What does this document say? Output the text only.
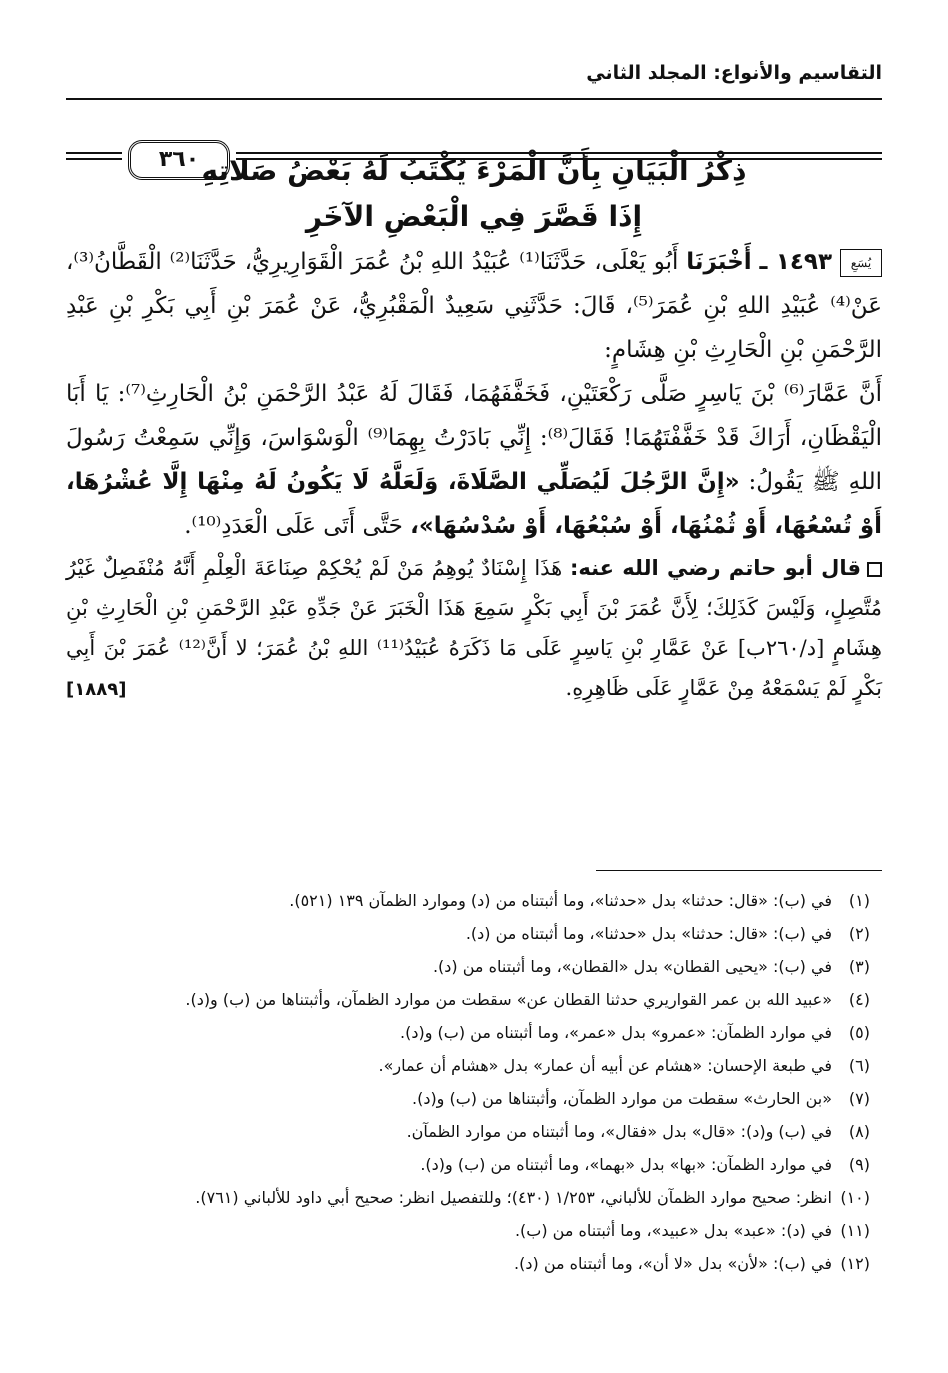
التقاسيم والأنواع: المجلد الثاني
٣٦٠ ذِكْرُ الْبَيَانِ بِأَنَّ الْمَرْءَ يُكْتَبُ لَهُ بَعْضُ صَلاتِهِ
إِذَا قَصَّرَ فِي الْبَعْضِ الآخَرِ

يُسَعِ١٤٩٣ ـ أَخْبَرَنَا أَبُو يَعْلَى، حَدَّثَنَا⁽¹⁾ عُبَيْدُ اللهِ بْنُ عُمَرَ الْقَوَارِيرِيُّ، حَدَّثَنَا⁽²⁾ الْقَطَّانُ⁽³⁾، عَنْ⁽⁴⁾ عُبَيْدِ اللهِ بْنِ عُمَرَ⁽⁵⁾، قَالَ: حَدَّثَنِي سَعِيدٌ الْمَقْبُرِيُّ، عَنْ عُمَرَ بْنِ أَبِي بَكْرِ بْنِ عَبْدِ الرَّحْمَنِ بْنِ الْحَارِثِ بْنِ هِشَامٍ:

أَنَّ عَمَّارَ⁽⁶⁾ بْنَ يَاسِرٍ صَلَّى رَكْعَتَيْنِ، فَخَفَّفَهُمَا، فَقَالَ لَهُ عَبْدُ الرَّحْمَنِ بْنُ الْحَارِثِ⁽⁷⁾: يَا أَبَا الْيَقْظَانِ، أَرَاكَ قَدْ خَفَّفْتَهُمَا! فَقَالَ⁽⁸⁾: إِنِّي بَادَرْتُ بِهِمَا⁽⁹⁾ الْوَسْوَاسَ، وَإِنِّي سَمِعْتُ رَسُولَ اللهِ ﷺ يَقُولُ: «إِنَّ الرَّجُلَ لَيُصَلِّي الصَّلَاةَ، وَلَعَلَّهُ لَا يَكُونُ لَهُ مِنْهَا إِلَّا عُشْرُهَا، أَوْ تُسْعُهَا، أَوْ ثُمْنُهَا، أَوْ سُبْعُهَا، أَوْ سُدْسُهَا»، حَتَّى أَتَى عَلَى الْعَدَدِ⁽¹⁰⁾.

قال أبو حاتم رضي الله عنه: هَذَا إِسْنَادٌ يُوهِمُ مَنْ لَمْ يُحْكِمْ صِنَاعَةَ الْعِلْمِ أَنَّهُ مُنْفَصِلٌ غَيْرُ مُتَّصِلٍ، وَلَيْسَ كَذَلِكَ؛ لِأَنَّ عُمَرَ بْنَ أَبِي بَكْرٍ سَمِعَ هَذَا الْخَبَرَ عَنْ جَدِّهِ عَبْدِ الرَّحْمَنِ بْنِ الْحَارِثِ بْنِ هِشَامٍ [د/٢٦٠ب] عَنْ عَمَّارِ بْنِ يَاسِرٍ عَلَى مَا ذَكَرَهُ عُبَيْدُ⁽¹¹⁾ اللهِ بْنُ عُمَرَ؛ لا أَنَّ⁽¹²⁾ عُمَرَ بْنَ أَبِي بَكْرٍ لَمْ يَسْمَعْهُ مِنْ عَمَّارٍ عَلَى ظَاهِرِهِ.

[١٨٨٩]
(١)
في (ب): «قال: حدثنا» بدل «حدثنا»، وما أثبتناه من (د) وموارد الظمآن ١٣٩ (٥٢١).
(٢)
في (ب): «قال: حدثنا» بدل «حدثنا»، وما أثبتناه من (د).
(٣)
في (ب): «يحيى القطان» بدل «القطان»، وما أثبتناه من (د).
(٤)
«عبيد الله بن عمر القواريري حدثنا القطان عن» سقطت من موارد الظمآن، وأثبتناها من (ب) و(د).
(٥)
في موارد الظمآن: «عمرو» بدل «عمر»، وما أثبتناه من (ب) و(د).
(٦)
في طبعة الإحسان: «هشام عن أبيه أن عمار» بدل «هشام أن عمار».
(٧)
«بن الحارث» سقطت من موارد الظمآن، وأثبتناها من (ب) و(د).
(٨)
في (ب) و(د): «قال» بدل «فقال»، وما أثبتناه من موارد الظمآن.
(٩)
في موارد الظمآن: «بها» بدل «بهما»، وما أثبتناه من (ب) و(د).
(١٠)
انظر: صحيح موارد الظمآن للألباني، ١/٢٥٣ (٤٣٠)؛ وللتفصيل انظر: صحيح أبي داود للألباني (٧٦١).
(١١)
في (د): «عبد» بدل «عبيد»، وما أثبتناه من (ب).
(١٢)
في (ب): «لأن» بدل «لا أن»، وما أثبتناه من (د).
